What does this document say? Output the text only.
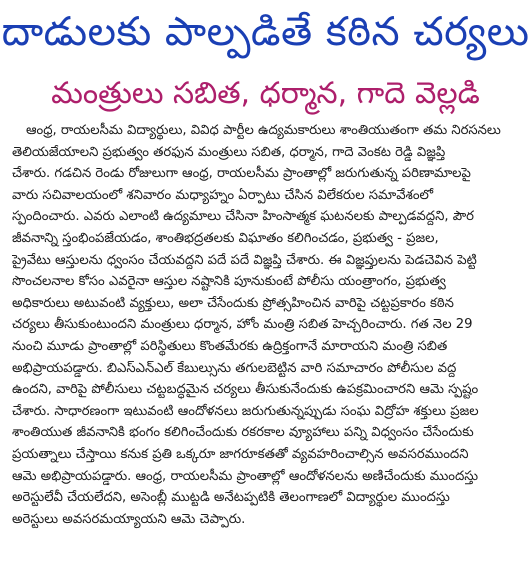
దాడులకు పాల్పడితే కఠిన చర్యలు
మంత్రులు సబిత, ధర్మాన, గాదె వెల్లడి
ఆంధ్ర, రాయలసీమ విద్యార్థులు, వివిధ పార్టీల ఉద్యమకారులు శాంతియుతంగా తమ నిరసనలు
తెలియజేయాలని ప్రభుత్వం తరఫున మంత్రులు సబిత, ధర్మాన, గాదె వెంకట రెడ్డి విజ్ఞప్తి
చేశారు. గడచిన రెండు రోజులుగా ఆంధ్ర, రాయలసీమ ప్రాంతాల్లో జరుగుతున్న పరిణామాలపై
వారు సచివాలయంలో శనివారం మధ్యాహ్నం ఏర్పాటు చేసిన విలేకరుల సమావేశంలో
స్పందించారు. ఎవరు ఎలాంటి ఉద్యమాలు చేసినా హింసాత్మక ఘటనలకు పాల్పడవద్దని, పౌర
జీవనాన్ని స్తంభింపజేయడం, శాంతిభద్రతలకు విఘాతం కలిగించడం, ప్రభుత్వ - ప్రజల,
ప్రైవేటు ఆస్తులను ధ్వంసం చేయవద్దని పదే పదే విజ్ఞప్తి చేశారు. ఈ విజ్ఞప్తులను పెడచెవిన పెట్టి
సొంచలనాల కోసం ఎవరైనా ఆస్తుల నష్టానికి పూనుకుంటే పోలీసు యంత్రాంగం, ప్రభుత్వ
అధికారులు అటువంటి వ్యక్తులు, అలా చేసేందుకు ప్రోత్సహించిన వారిపై చట్టప్రకారం కఠిన
చర్యలు తీసుకుంటుందని మంత్రులు ధర్మాన, హోం మంత్రి సబిత హెచ్చరించారు. గత నెల 29
నుంచి మూడు ప్రాంతాల్లో పరిస్థితులు కొంతమేరకు ఉద్రిక్తంగానే మారాయని మంత్రి సబిత
అభిప్రాయపడ్డారు. బిఎస్ఎన్ఎల్ కేబుల్సును తగులబెట్టిన వారి సమాచారం పోలీసుల వద్ద
ఉందని, వారిపై పోలీసులు చట్టబద్ధమైన చర్యలు తీసుకునేందుకు ఉపక్రమించారని ఆమె స్పష్టం
చేశారు. సాధారణంగా ఇటువంటి ఆందోళనలు జరుగుతున్నప్పుడు సంఘ విద్రోహ శక్తులు ప్రజల
శాంతియుత జీవనానికి భంగం కలిగించేందుకు రకరకాల వ్యూహాలు పన్ని విధ్వంసం చేసేందుకు
ప్రయత్నాలు చేస్తాయి కనుక ప్రతి ఒక్కరూ జాగరూకతతో వ్యవహరించాల్సిన అవసరముందని
ఆమె అభిప్రాయపడ్డారు. ఆంధ్ర, రాయలసీమ ప్రాంతాల్లో ఆందోళనలను అణిచేందుకు ముందస్తు
అరెస్టులేవీ చేయలేదని, అసెంబ్లీ ముట్టడి అనేటప్పటికి తెలంగాణలో విద్యార్థుల ముందస్తు
అరెస్టులు అవసరమయ్యాయని ఆమె చెప్పారు.
